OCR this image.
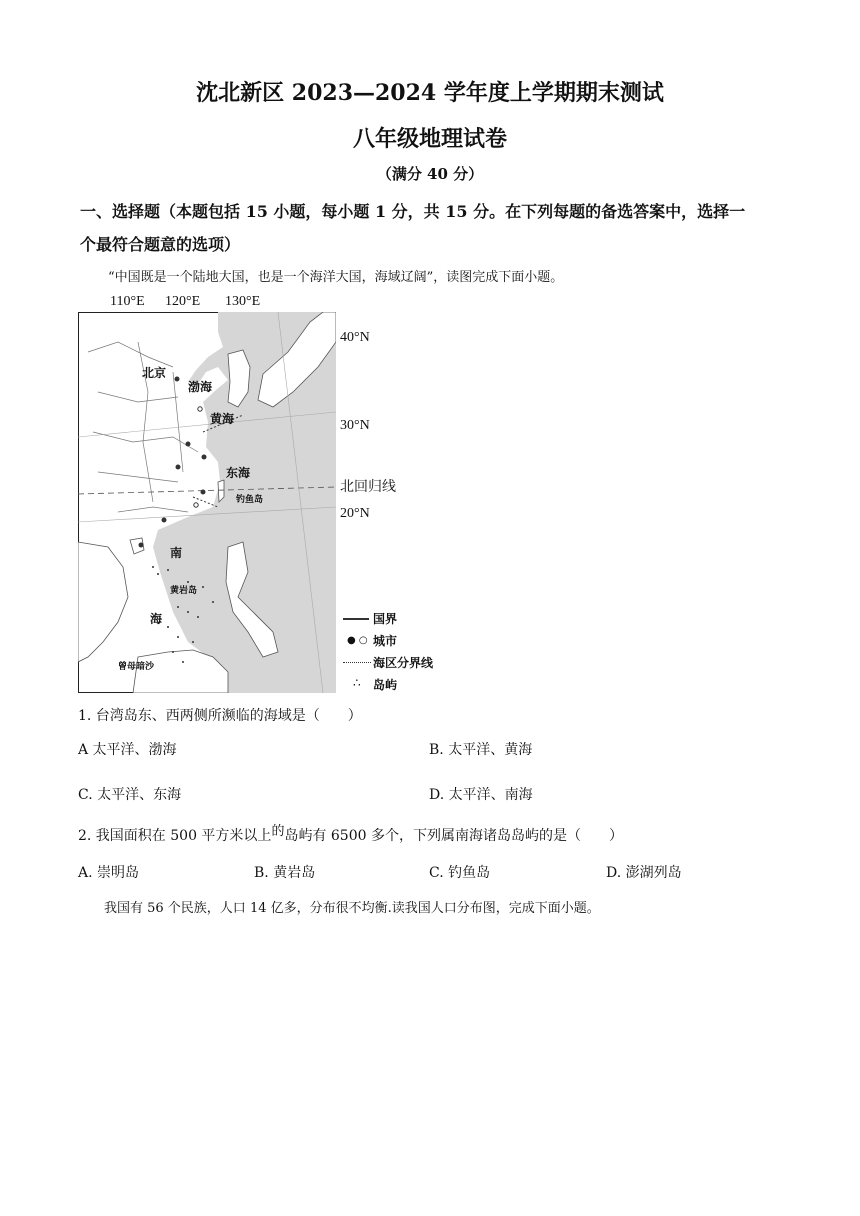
沈北新区 2023—2024 学年度上学期期末测试
八年级地理试卷
（满分 40 分）
一、选择题（本题包括 15 小题，每小题 1 分，共 15 分。在下列每题的备选答案中，选择一
个最符合题意的选项）
“中国既是一个陆地大国，也是一个海洋大国，海域辽阔”，读图完成下面小题。
110°E 120°E 130°E
北京
渤海
黄海
东海
钓鱼岛
南
黄岩岛
海
曾母暗沙
40°N
30°N
北回归线
20°N
国界
● ○ 城市
海区分界线
∴ 岛屿
1. 台湾岛东、西两侧所濒临的海域是（　　）
A 太平洋、渤海	B. 太平洋、黄海
C. 太平洋、东海	D. 太平洋、南海
2. 我国面积在 500 平方米以上的岛屿有 6500 多个，下列属南海诸岛岛屿的是（　　）
A. 崇明岛	B. 黄岩岛	C. 钓鱼岛	D. 澎湖列岛
我国有 56 个民族，人口 14 亿多，分布很不均衡.读我国人口分布图，完成下面小题。
